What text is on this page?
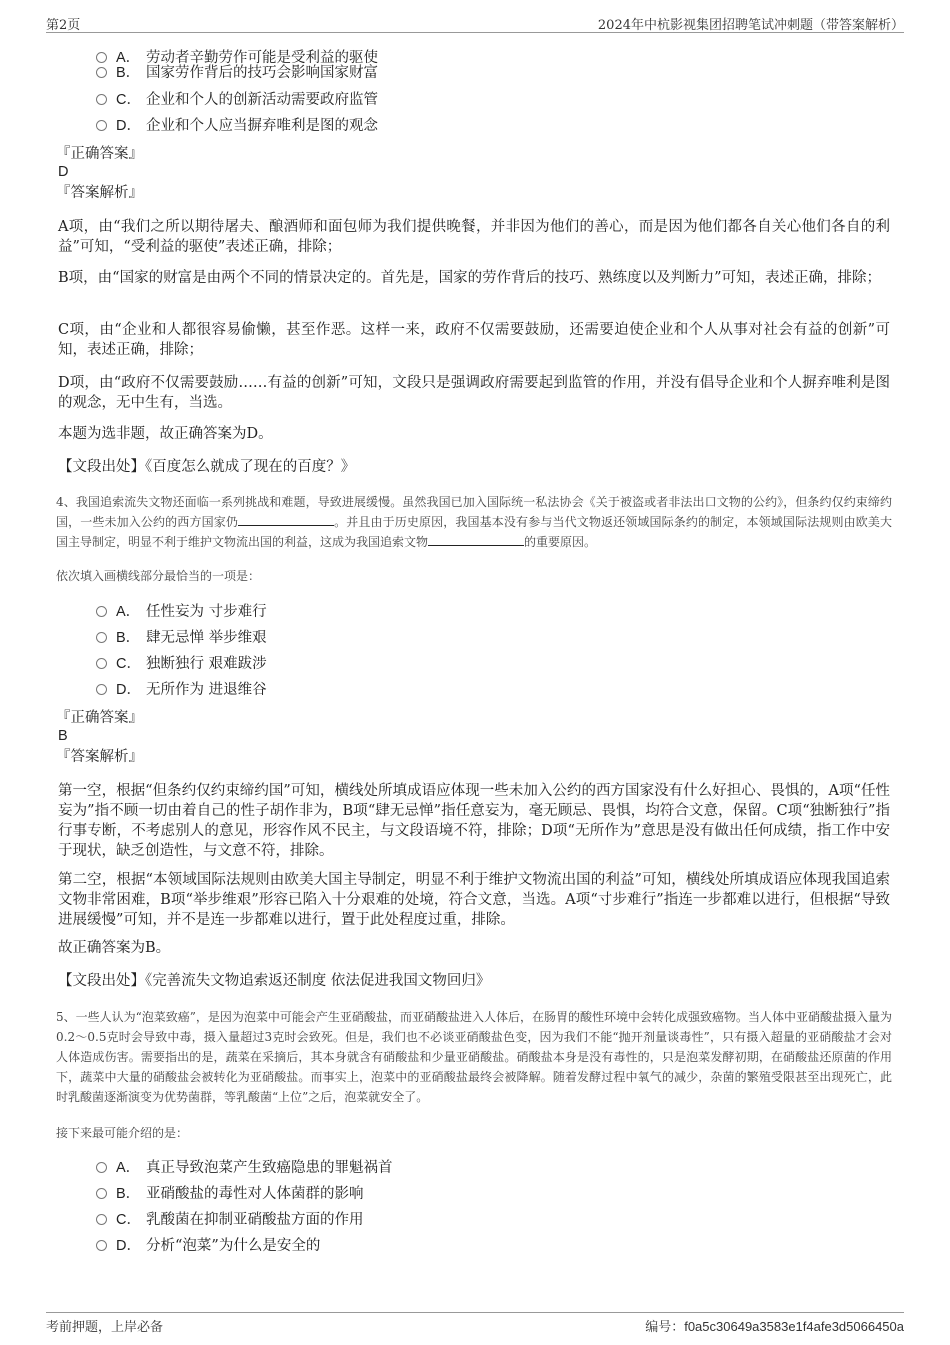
第2页	2024年中杭影视集团招聘笔试冲刺题（带答案解析）
A． 劳动者辛勤劳作可能是受利益的驱使
B． 国家劳作背后的技巧会影响国家财富
C． 企业和个人的创新活动需要政府监管
D． 企业和个人应当摒弃唯利是图的观念
『正确答案』
D
『答案解析』
A项，由“我们之所以期待屠夫、酿酒师和面包师为我们提供晚餐，并非因为他们的善心，而是因为他们都各自关心他们各自的利益”可知，“受利益的驱使”表述正确，排除；
B项，由“国家的财富是由两个不同的情景决定的。首先是，国家的劳作背后的技巧、熟练度以及判断力”可知，表述正确，排除；
C项，由“企业和人都很容易偷懒，甚至作恶。这样一来，政府不仅需要鼓励，还需要迫使企业和个人从事对社会有益的创新”可知，表述正确，排除；
D项，由“政府不仅需要鼓励……有益的创新”可知，文段只是强调政府需要起到监管的作用，并没有倡导企业和个人摒弃唯利是图的观念，无中生有，当选。
本题为选非题，故正确答案为D。
【文段出处】《百度怎么就成了现在的百度？》
4、我国追索流失文物还面临一系列挑战和难题，导致进展缓慢。虽然我国已加入国际统一私法协会《关于被盗或者非法出口文物的公约》，但条约仅约束缔约国，一些未加入公约的西方国家仍	。并且由于历史原因，我国基本没有参与当代文物返还领域国际条约的制定，本领域国际法规则由欧美大国主导制定，明显不利于维护文物流出国的利益，这成为我国追索文物	的重要原因。
依次填入画横线部分最恰当的一项是：
A． 任性妄为 寸步难行
B． 肆无忌惮 举步维艰
C． 独断独行 艰难跋涉
D． 无所作为 进退维谷
『正确答案』
B
『答案解析』
第一空，根据“但条约仅约束缔约国”可知，横线处所填成语应体现一些未加入公约的西方国家没有什么好担心、畏惧的，A项“任性妄为”指不顾一切由着自己的性子胡作非为，B项“肆无忌惮”指任意妄为，毫无顾忌、畏惧，均符合文意，保留。C项“独断独行”指行事专断，不考虑别人的意见，形容作风不民主，与文段语境不符，排除；D项“无所作为”意思是没有做出任何成绩，指工作中安于现状，缺乏创造性，与文意不符，排除。
第二空，根据“本领域国际法规则由欧美大国主导制定，明显不利于维护文物流出国的利益”可知，横线处所填成语应体现我国追索文物非常困难，B项“举步维艰”形容已陷入十分艰难的处境，符合文意，当选。A项“寸步难行”指连一步都难以进行，但根据“导致进展缓慢”可知，并不是连一步都难以进行，置于此处程度过重，排除。
故正确答案为B。
【文段出处】《完善流失文物追索返还制度 依法促进我国文物回归》
5、一些人认为“泡菜致癌”，是因为泡菜中可能会产生亚硝酸盐，而亚硝酸盐进入人体后，在肠胃的酸性环境中会转化成强致癌物。当人体中亚硝酸盐摄入量为0.2～0.5克时会导致中毒，摄入量超过3克时会致死。但是，我们也不必谈亚硝酸盐色变，因为我们不能“抛开剂量谈毒性”，只有摄入超量的亚硝酸盐才会对人体造成伤害。需要指出的是，蔬菜在采摘后，其本身就含有硝酸盐和少量亚硝酸盐。硝酸盐本身是没有毒性的，只是泡菜发酵初期，在硝酸盐还原菌的作用下，蔬菜中大量的硝酸盐会被转化为亚硝酸盐。而事实上，泡菜中的亚硝酸盐最终会被降解。随着发酵过程中氧气的减少，杂菌的繁殖受限甚至出现死亡，此时乳酸菌逐渐演变为优势菌群，等乳酸菌“上位”之后，泡菜就安全了。
接下来最可能介绍的是：
A． 真正导致泡菜产生致癌隐患的罪魁祸首
B． 亚硝酸盐的毒性对人体菌群的影响
C． 乳酸菌在抑制亚硝酸盐方面的作用
D． 分析“泡菜”为什么是安全的
考前押题，上岸必备	编号：f0a5c30649a3583e1f4afe3d5066450a
